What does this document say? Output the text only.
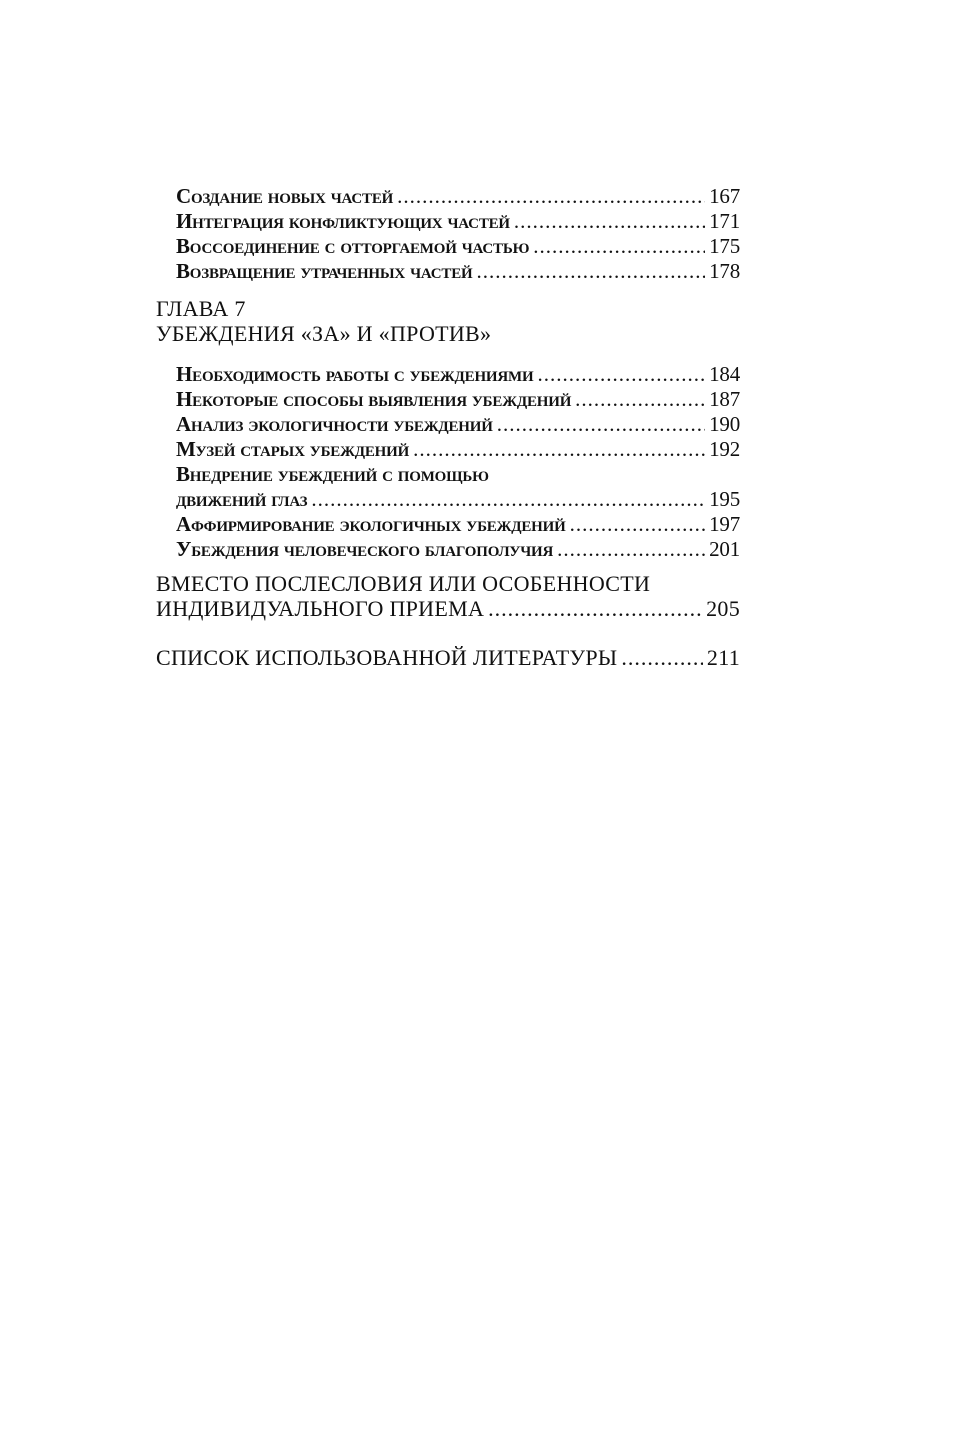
Создание новых частей .....	167
Интеграция конфликтующих частей .....	171
Воссоединение с отторгаемой частью .....	175
Возвращение утраченных частей .....	178
ГЛАВА 7
УБЕЖДЕНИЯ «ЗА» И «ПРОТИВ»
Необходимость работы с убеждениями .....	184
Некоторые способы выявления убеждений .....	187
Анализ экологичности убеждений .....	190
Музей старых убеждений .....	192
Внедрение убеждений с помощью
движений глаз .....	195
Аффирмирование экологичных убеждений .....	197
Убеждения человеческого благополучия .....	201
ВМЕСТО ПОСЛЕСЛОВИЯ ИЛИ ОСОБЕННОСТИ
ИНДИВИДУАЛЬНОГО ПРИЕМА .....	205
СПИСОК ИСПОЛЬЗОВАННОЙ ЛИТЕРАТУРЫ .....	211
